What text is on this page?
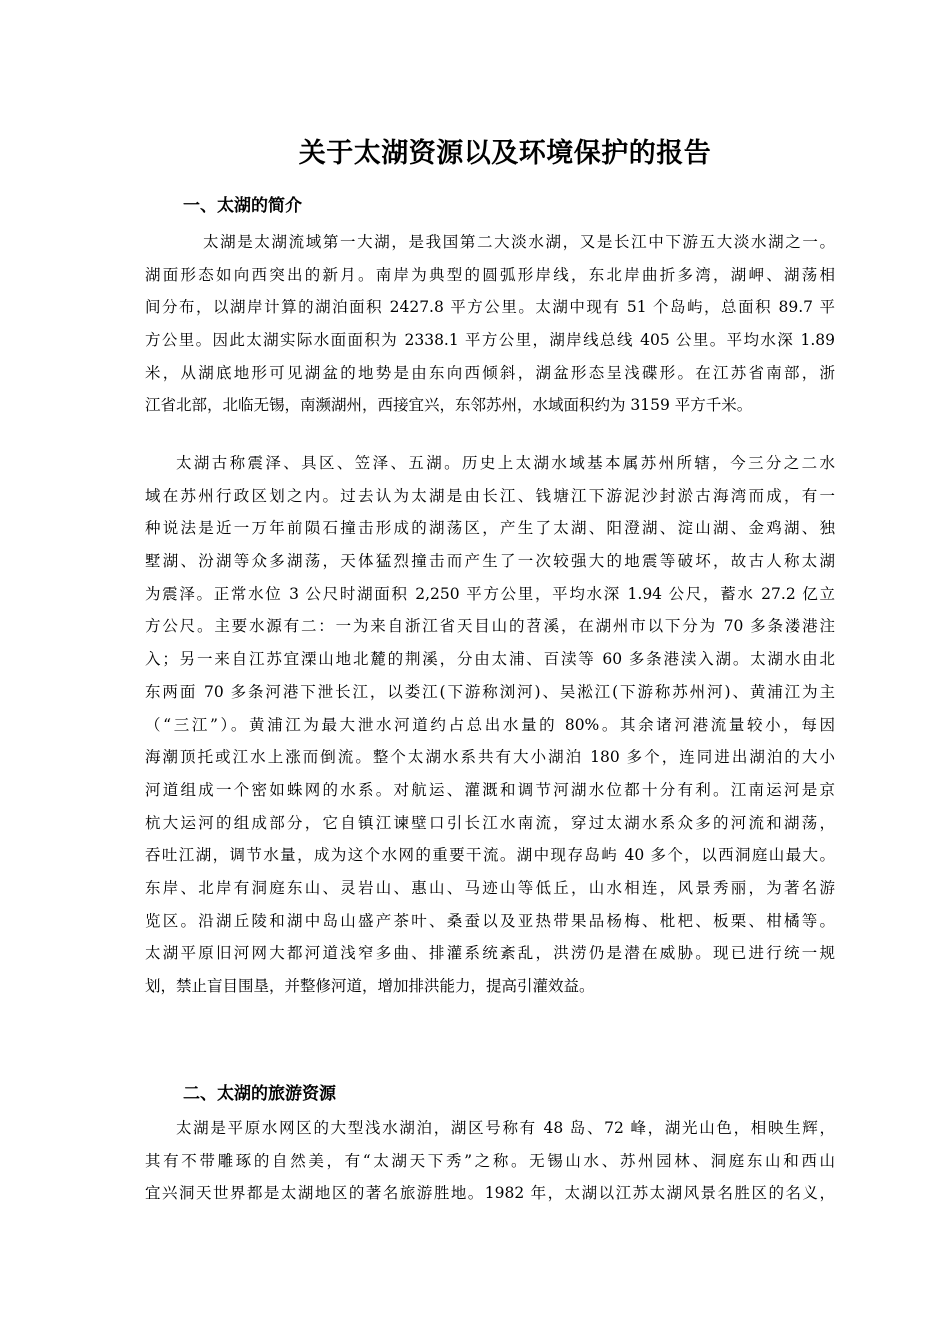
关于太湖资源以及环境保护的报告
一、太湖的简介
太湖是太湖流域第一大湖，是我国第二大淡水湖，又是长江中下游五大淡水湖之一。
湖面形态如向西突出的新月。南岸为典型的圆弧形岸线，东北岸曲折多湾，湖岬、湖荡相
间分布，以湖岸计算的湖泊面积 2427.8 平方公里。太湖中现有 51 个岛屿，总面积 89.7 平
方公里。因此太湖实际水面面积为 2338.1 平方公里，湖岸线总线 405 公里。平均水深 1.89
米，从湖底地形可见湖盆的地势是由东向西倾斜，湖盆形态呈浅碟形。在江苏省南部，浙
江省北部，北临无锡，南濒湖州，西接宜兴，东邻苏州，水域面积约为 3159 平方千米。
太湖古称震泽、具区、笠泽、五湖。历史上太湖水域基本属苏州所辖，今三分之二水
域在苏州行政区划之内。过去认为太湖是由长江、钱塘江下游泥沙封淤古海湾而成，有一
种说法是近一万年前陨石撞击形成的湖荡区，产生了太湖、阳澄湖、淀山湖、金鸡湖、独
墅湖、汾湖等众多湖荡，天体猛烈撞击而产生了一次较强大的地震等破坏，故古人称太湖
为震泽。正常水位 3 公尺时湖面积 2,250 平方公里，平均水深 1.94 公尺，蓄水 27.2 亿立
方公尺。主要水源有二：一为来自浙江省天目山的苕溪，在湖州市以下分为 70 多条溇港注
入；另一来自江苏宜溧山地北麓的荆溪，分由太浦、百渎等 60 多条港渎入湖。太湖水由北
东两面 70 多条河港下泄长江，以娄江(下游称浏河)、吴淞江(下游称苏州河)、黄浦江为主
（“三江”）。黄浦江为最大泄水河道约占总出水量的 80%。其余诸河港流量较小，每因
海潮顶托或江水上涨而倒流。整个太湖水系共有大小湖泊 180 多个，连同进出湖泊的大小
河道组成一个密如蛛网的水系。对航运、灌溉和调节河湖水位都十分有利。江南运河是京
杭大运河的组成部分，它自镇江谏壁口引长江水南流，穿过太湖水系众多的河流和湖荡，
吞吐江湖，调节水量，成为这个水网的重要干流。湖中现存岛屿 40 多个，以西洞庭山最大。
东岸、北岸有洞庭东山、灵岩山、惠山、马迹山等低丘，山水相连，风景秀丽，为著名游
览区。沿湖丘陵和湖中岛山盛产茶叶、桑蚕以及亚热带果品杨梅、枇杷、板栗、柑橘等。
太湖平原旧河网大都河道浅窄多曲、排灌系统紊乱，洪涝仍是潜在威胁。现已进行统一规
划，禁止盲目围垦，并整修河道，增加排洪能力，提高引灌效益。
二、太湖的旅游资源
太湖是平原水网区的大型浅水湖泊，湖区号称有 48 岛、72 峰，湖光山色，相映生辉，
其有不带雕琢的自然美，有“太湖天下秀”之称。无锡山水、苏州园林、洞庭东山和西山
宜兴洞天世界都是太湖地区的著名旅游胜地。1982 年，太湖以江苏太湖风景名胜区的名义，
